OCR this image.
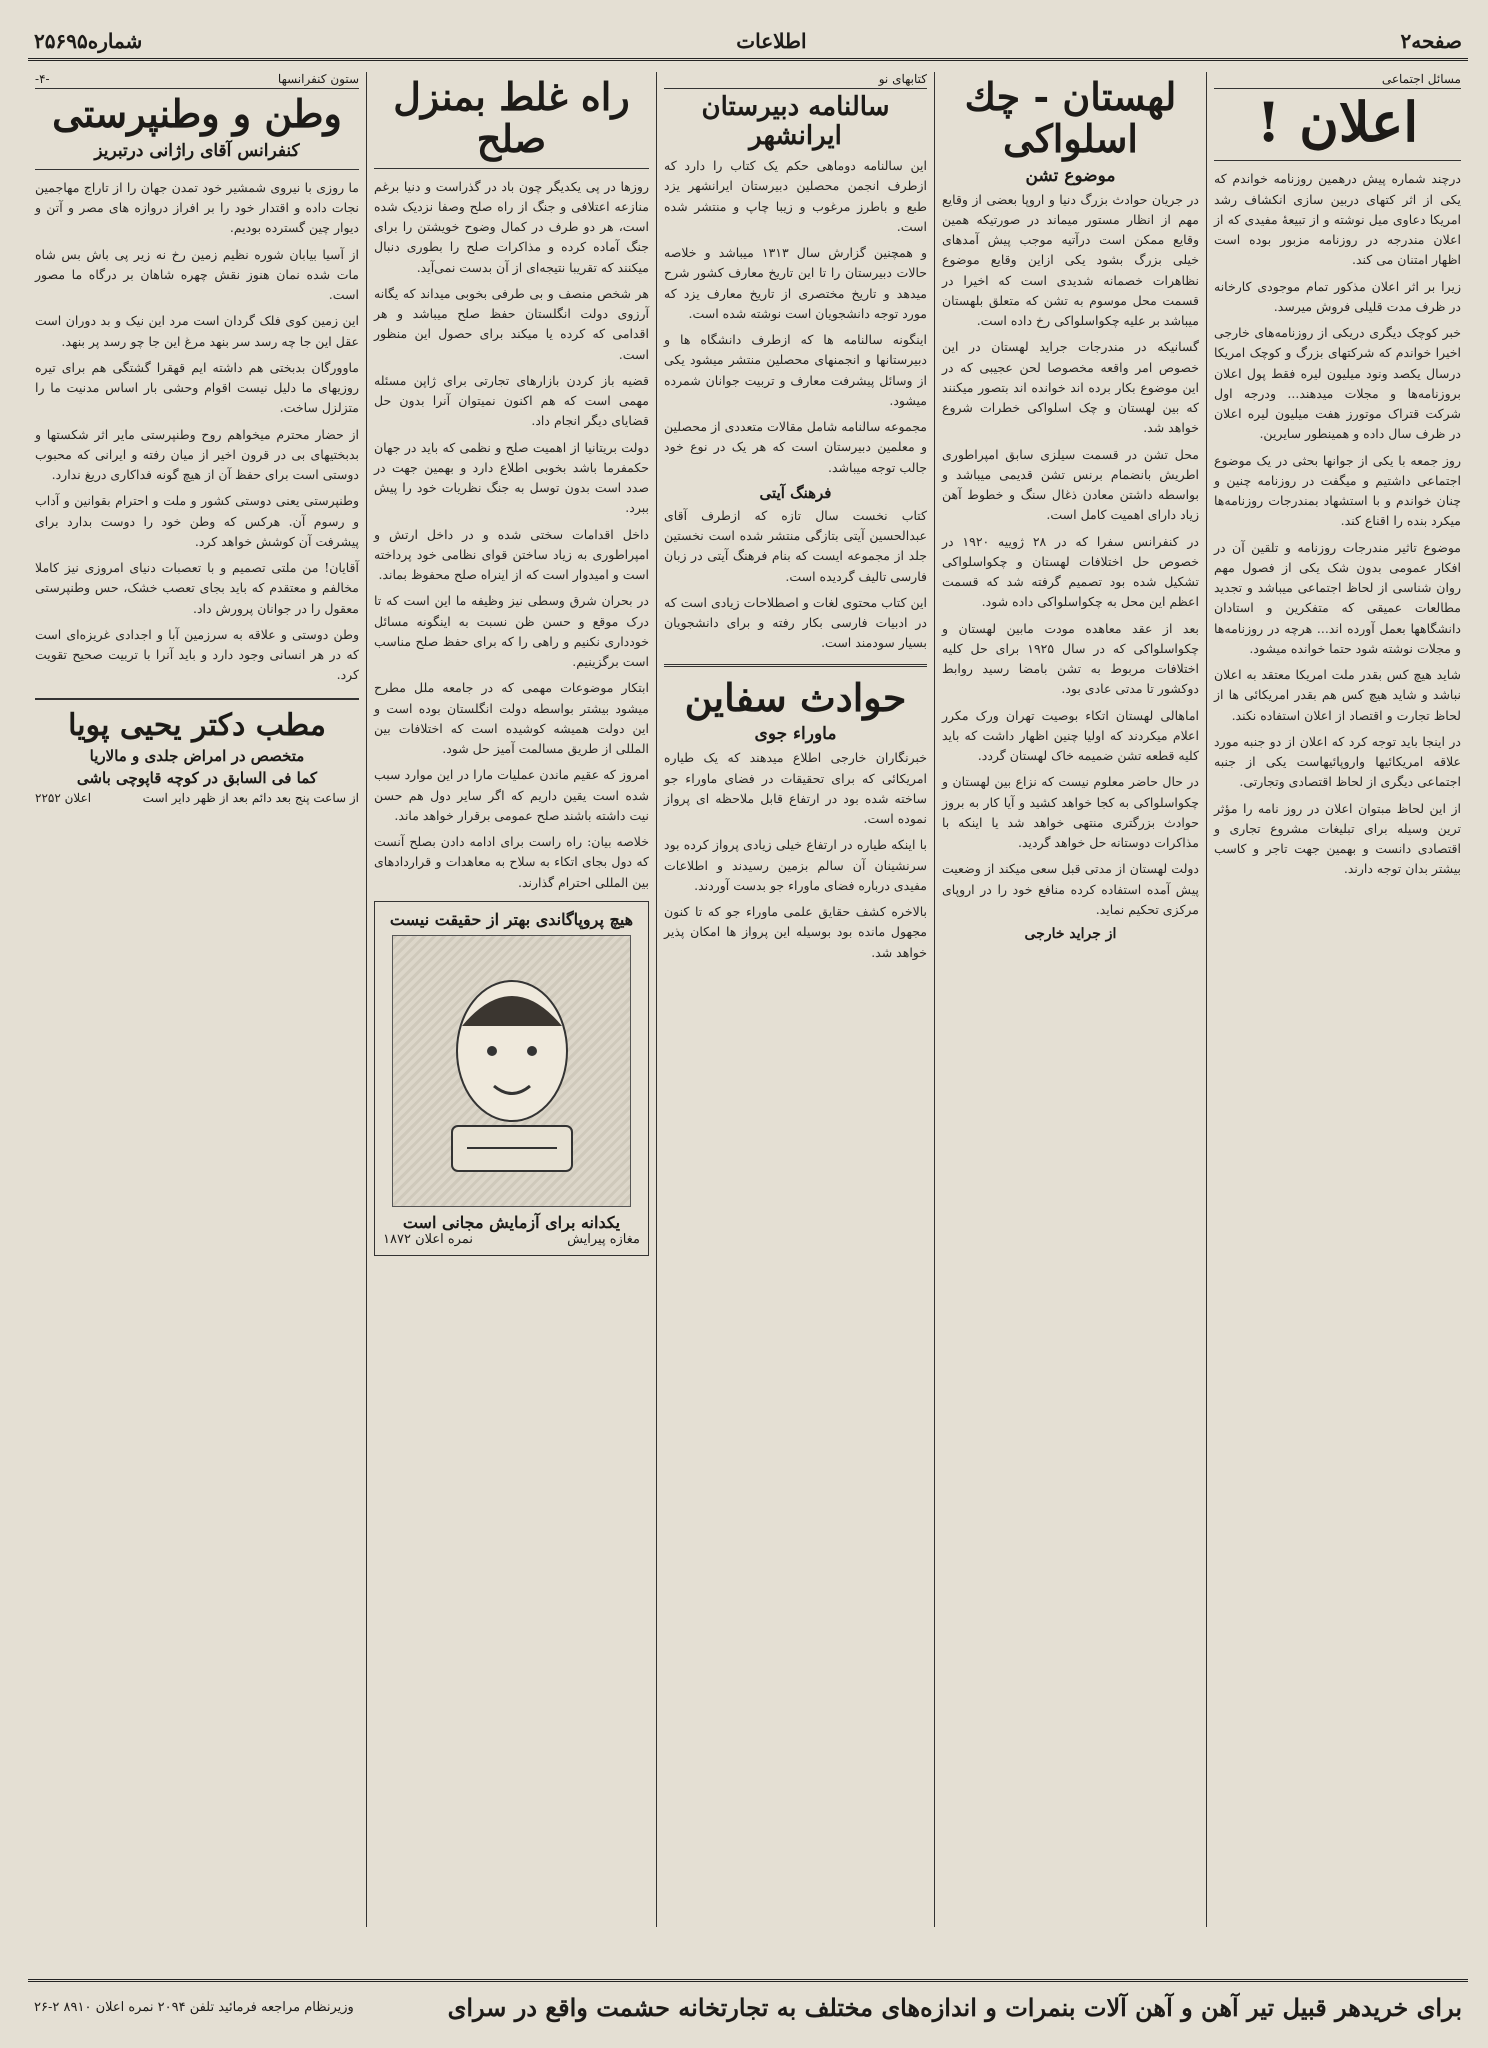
صفحه۲
اطلاعات
شماره۲۵۶۹۵
مسائل اجتماعی
اعلان !

درچند شماره پیش درهمین روزنامه خواندم که یکی از اثر کتهای دربین سازی انکشاف رشد امریکا دعاوی میل نوشته و از تبیعهٔ مفیدی که از اعلان مندرجه در روزنامه مزبور بوده است اظهار امتنان می کند.

زیرا بر اثر اعلان مذکور تمام موجودی کارخانه در ظرف مدت قلیلی فروش میرسد.

خبر کوچک دیگری دریکی از روزنامه‌های خارجی اخیرا خواندم که شرکتهای بزرگ و کوچک امریکا درسال یکصد ونود میلیون لیره فقط پول اعلان بروزنامه‌ها و مجلات میدهند... ودرجه اول شرکت قتراک موتورز هفت میلیون لیره اعلان در ظرف سال داده و همینطور سایرین.

روز جمعه با یکی از جوانها بحثی در یک موضوع اجتماعی داشتیم و میگفت در روزنامه چنین و چنان خواندم و با استشهاد بمندرجات روزنامه‌ها میکرد بنده را اقناع کند.

موضوع تاثیر مندرجات روزنامه و تلقین آن در افکار عمومی بدون شک یکی از فصول مهم روان شناسی از لحاظ اجتماعی میباشد و تجدید مطالعات عمیقی که متفکرین و استادان دانشگاهها بعمل آورده اند... هرچه در روزنامه‌ها و مجلات نوشته شود حتما خوانده میشود.

شاید هیچ کس بقدر ملت امریکا معتقد به اعلان نباشد و شاید هیچ کس هم بقدر امریکائی ها از لحاظ تجارت و اقتصاد از اعلان استفاده نکند.

در اینجا باید توجه کرد که اعلان از دو جنبه مورد علاقه امریکائیها واروپائیهاست یکی از جنبه اجتماعی دیگری از لحاظ اقتصادی وتجارتی.

از این لحاظ مبتوان اعلان در روز نامه را مؤثر ترین وسیله برای تبلیغات مشروع تجاری و اقتصادی دانست و بهمین جهت تاجر و کاسب بیشتر بدان توجه دارند.

لهستان - چك اسلواكی
موضوع تشن

در جریان حوادث بزرگ دنیا و اروپا بعضی از وقایع مهم از انظار مستور میماند در صورتیکه همین وقایع ممکن است درآتیه موجب پیش آمدهای خیلی بزرگ بشود یکی ازاین وقایع موضوع نظاهرات خصمانه شدیدی است که اخیرا در قسمت محل موسوم به تشن که متعلق بلهستان میباشد بر علیه چکواسلواکی رخ داده است.

گسانیکه در مندرجات جراید لهستان در این خصوص امر واقعه مخصوصا لحن عجیبی که در این موضوع بکار برده اند خوانده اند بتصور میکنند که بین لهستان و چک اسلواکی خطرات شروع خواهد شد.

محل تشن در قسمت سیلزی سابق امپراطوری اطریش بانضمام برنس تشن قدیمی میباشد و بواسطه داشتن معادن ذغال سنگ و خطوط آهن زیاد دارای اهمیت کامل است.

در کنفرانس سفرا که در ۲۸ ژوییه ۱۹۲۰ در خصوص حل اختلافات لهستان و چکواسلواکی تشکیل شده بود تصمیم گرفته شد که قسمت اعظم این محل به چکواسلواکی داده شود.

بعد از عقد معاهده مودت مابین لهستان و چکواسلواکی که در سال ۱۹۲۵ برای حل کلیه اختلافات مربوط به تشن بامضا رسید روابط دوکشور تا مدتی عادی بود.

اماهالی لهستان اتکاء بوصیت تهران ورک مکرر اعلام میکردند که اولیا چنین اظهار داشت که باید کلیه قطعه تشن ضمیمه خاک لهستان گردد.

در حال حاضر معلوم نیست که نزاع بین لهستان و چکواسلواکی به کجا خواهد کشید و آیا کار به بروز حوادث بزرگتری منتهی خواهد شد یا اینکه با مذاکرات دوستانه حل خواهد گردید.

دولت لهستان از مدتی قبل سعی میکند از وضعیت پیش آمده استفاده کرده منافع خود را در اروپای مرکزی تحکیم نماید.

از جراید خارجی
کتابهای نو
سالنامه دبیرستان ایرانشهر

این سالنامه دوماهی حکم یک کتاب را دارد که ازطرف انجمن محصلین دبیرستان ایرانشهر یزد طبع و باطرز مرغوب و زیبا چاپ و منتشر شده است.

و همچنین گزارش سال ۱۳۱۳ میباشد و خلاصه حالات دبیرستان را تا این تاریخ معارف کشور شرح میدهد و تاریخ مختصری از تاریخ معارف یزد که مورد توجه دانشجویان است نوشته شده است.

اینگونه سالنامه ها که ازطرف دانشگاه ها و دبیرستانها و انجمنهای محصلین منتشر میشود یکی از وسائل پیشرفت معارف و تربیت جوانان شمرده میشود.

مجموعه سالنامه شامل مقالات متعددی از محصلین و معلمین دبیرستان است که هر یک در نوع خود جالب توجه میباشد.

فرهنگ آیتی

کتاب نخست سال تازه که ازطرف آقای عبدالحسین آیتی بتازگی منتشر شده است نخستین جلد از مجموعه ایست که بنام فرهنگ آیتی در زبان فارسی تالیف گردیده است.

این کتاب محتوی لغات و اصطلاحات زیادی است که در ادبیات فارسی بکار رفته و برای دانشجویان بسیار سودمند است.

حوادث سفاین
ماوراء جوی

خبرنگاران خارجی اطلاع میدهند که یک طیاره امریکائی که برای تحقیقات در فضای ماوراء جو ساخته شده بود در ارتفاع قابل ملاحظه ای پرواز نموده است.

با اینکه طیاره در ارتفاع خیلی زیادی پرواز کرده بود سرنشینان آن سالم بزمین رسیدند و اطلاعات مفیدی درباره فضای ماوراء جو بدست آوردند.

بالاخره کشف حقایق علمی ماوراء جو که تا کنون مجهول مانده بود بوسیله این پرواز ها امکان پذیر خواهد شد.

راه غلط بمنزل صلح

روزها در پی یکدیگر چون باد در گذراست و دنیا برغم منازعه اعتلافی و جنگ از راه صلح وصفا نزدیک شده است، هر دو طرف در کمال وضوح خویشتن را برای جنگ آماده کرده و مذاکرات صلح را بطوری دنبال میکنند که تقریبا نتیجه‌ای از آن بدست نمی‌آید.

هر شخص منصف و بی طرفی بخوبی میداند که یگانه آرزوی دولت انگلستان حفظ صلح میباشد و هر اقدامی که کرده یا میکند برای حصول این منظور است.

قضیه باز کردن بازارهای تجارتی برای ژاپن مسئله مهمی است که هم اکنون نمیتوان آنرا بدون حل قضایای دیگر انجام داد.

دولت بریتانیا از اهمیت صلح و نظمی که باید در جهان حکمفرما باشد بخوبی اطلاع دارد و بهمین جهت در صدد است بدون توسل به جنگ نظریات خود را پیش ببرد.

داخل اقدامات سختی شده و در داخل ارتش و امپراطوری به زیاد ساختن قوای نظامی خود پرداخته است و امیدوار است که از اینراه صلح محفوظ بماند.

در بحران شرق وسطی نیز وظیفه ما این است که تا درک موقع و حسن ظن نسبت به اینگونه مسائل خودداری نکنیم و راهی را که برای حفظ صلح مناسب است برگزینیم.

ابتکار موضوعات مهمی که در جامعه ملل مطرح میشود بیشتر بواسطه دولت انگلستان بوده است و این دولت همیشه کوشیده است که اختلافات بین المللی از طریق مسالمت آمیز حل شود.

امروز که عقیم ماندن عملیات مارا در این موارد سبب شده است یقین داریم که اگر سایر دول هم حسن نیت داشته باشند صلح عمومی برقرار خواهد ماند.

خلاصه بیان: راه راست برای ادامه دادن بصلح آنست که دول بجای اتکاء به سلاح به معاهدات و قراردادهای بین المللی احترام گذارند.

هیچ پروپاگاندی بهتر از حقیقت نیست
یکدانه برای آزمایش مجانی است
مغازه پیرایش
نمره اعلان ۱۸۷۲
ستون کنفرانسها
-۴-
وطن و وطنپرستی
کنفرانس آقای راژانی درتبریز

ما روزی با نیروی شمشیر خود تمدن جهان را از تاراج مهاجمین نجات داده و اقتدار خود را بر افراز دروازه های مصر و آتن و دیوار چین گسترده بودیم.

از آسیا بیابان شوره نظیم زمین رخ نه زیر پی باش بس شاه مات شده نمان هنوز نقش چهره شاهان بر درگاه ما مصور است.

این زمین کوی فلک گردان است مرد این نیک و بد دوران است عقل این جا چه رسد سر بنهد مرغ این جا چو رسد پر بنهد.

ماوورگان بدبختی هم داشته ایم قهقرا گشتگی هم برای تیره روزیهای ما دلیل نیست اقوام وحشی بار اساس مدنیت ما را متزلزل ساخت.

از حضار محترم میخواهم روح وطنپرستی مایر اثر شکستها و بدبختیهای بی در قرون اخیر از میان رفته و ایرانی که محبوب دوستی است برای حفظ آن از هیچ گونه فداکاری دریغ ندارد.

وطنپرستی یعنی دوستی کشور و ملت و احترام بقوانین و آداب و رسوم آن. هرکس که وطن خود را دوست بدارد برای پیشرفت آن کوشش خواهد کرد.

آقایان! من ملتی تصمیم و با تعصبات دنیای امروزی نیز کاملا مخالفم و معتقدم که باید بجای تعصب خشک، حس وطنپرستی معقول را در جوانان پرورش داد.

وطن دوستی و علاقه به سرزمین آبا و اجدادی غریزه‌ای است که در هر انسانی وجود دارد و باید آنرا با تربیت صحیح تقویت کرد.

مطب دکتر یحیی پویا
متخصص در امراض جلدی و مالاریا
کما فی السابق در کوچه قاپوچی باشی
از ساعت پنج بعد دائم بعد از ظهر دایر است
اعلان ۲۲۵۲
برای خریدهر قبیل تیر آهن و آهن آلات بنمرات و اندازه‌های مختلف به تجارتخانه حشمت واقع در سرای
وزیرنظام مراجعه فرمائید تلفن ۲۰۹۴ نمره اعلان ۸۹۱۰ ۲-۲۶
